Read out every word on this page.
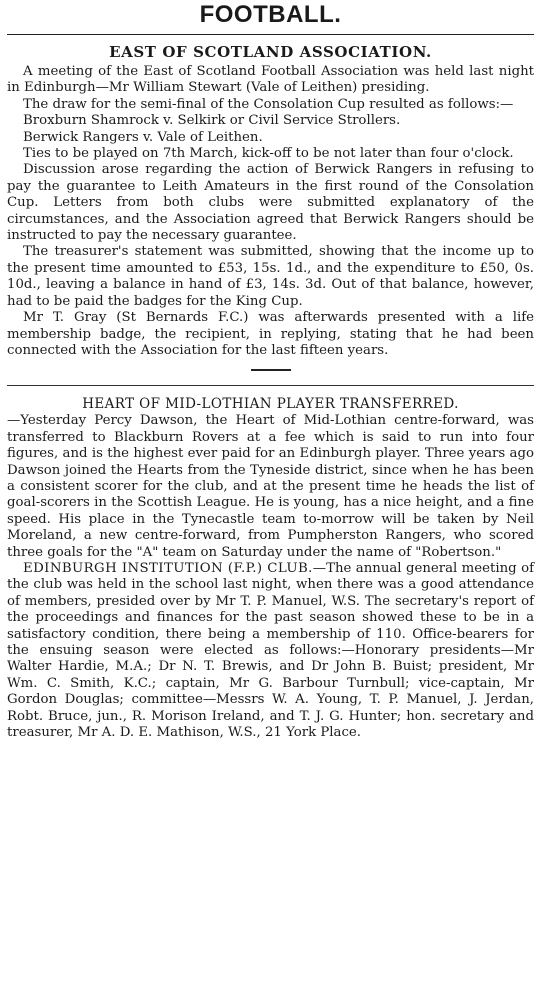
FOOTBALL.
EAST OF SCOTLAND ASSOCIATION.

A meeting of the East of Scotland Football Association was held last night in Edinburgh—Mr William Stewart (Vale of Leithen) presiding.

The draw for the semi-final of the Consolation Cup resulted as follows:—

Broxburn Shamrock v. Selkirk or Civil Service Strollers.

Berwick Rangers v. Vale of Leithen.

Ties to be played on 7th March, kick-off to be not later than four o'clock.

Discussion arose regarding the action of Berwick Rangers in refusing to pay the guarantee to Leith Amateurs in the first round of the Consolation Cup. Letters from both clubs were submitted explanatory of the circumstances, and the Association agreed that Berwick Rangers should be instructed to pay the necessary guarantee.

The treasurer's statement was submitted, showing that the income up to the present time amounted to £53, 15s. 1d., and the expenditure to £50, 0s. 10d., leaving a balance in hand of £3, 14s. 3d. Out of that balance, however, had to be paid the badges for the King Cup.

Mr T. Gray (St Bernards F.C.) was afterwards presented with a life membership badge, the recipient, in replying, stating that he had been connected with the Association for the last fifteen years.

HEART OF MID-LOTHIAN PLAYER TRANSFERRED.

—Yesterday Percy Dawson, the Heart of Mid-Lothian centre-forward, was transferred to Blackburn Rovers at a fee which is said to run into four figures, and is the highest ever paid for an Edinburgh player. Three years ago Dawson joined the Hearts from the Tyneside district, since when he has been a consistent scorer for the club, and at the present time he heads the list of goal-scorers in the Scottish League. He is young, has a nice height, and a fine speed. His place in the Tynecastle team to-morrow will be taken by Neil Moreland, a new centre-forward, from Pumpherston Rangers, who scored three goals for the "A" team on Saturday under the name of "Robertson."

EDINBURGH INSTITUTION (F.P.) CLUB.—The annual general meeting of the club was held in the school last night, when there was a good attendance of members, presided over by Mr T. P. Manuel, W.S. The secretary's report of the proceedings and finances for the past season showed these to be in a satisfactory condition, there being a membership of 110. Office-bearers for the ensuing season were elected as follows:—Honorary presidents—Mr Walter Hardie, M.A.; Dr N. T. Brewis, and Dr John B. Buist; president, Mr Wm. C. Smith, K.C.; captain, Mr G. Barbour Turnbull; vice-captain, Mr Gordon Douglas; committee—Messrs W. A. Young, T. P. Manuel, J. Jerdan, Robt. Bruce, jun., R. Morison Ireland, and T. J. G. Hunter; hon. secretary and treasurer, Mr A. D. E. Mathison, W.S., 21 York Place.
